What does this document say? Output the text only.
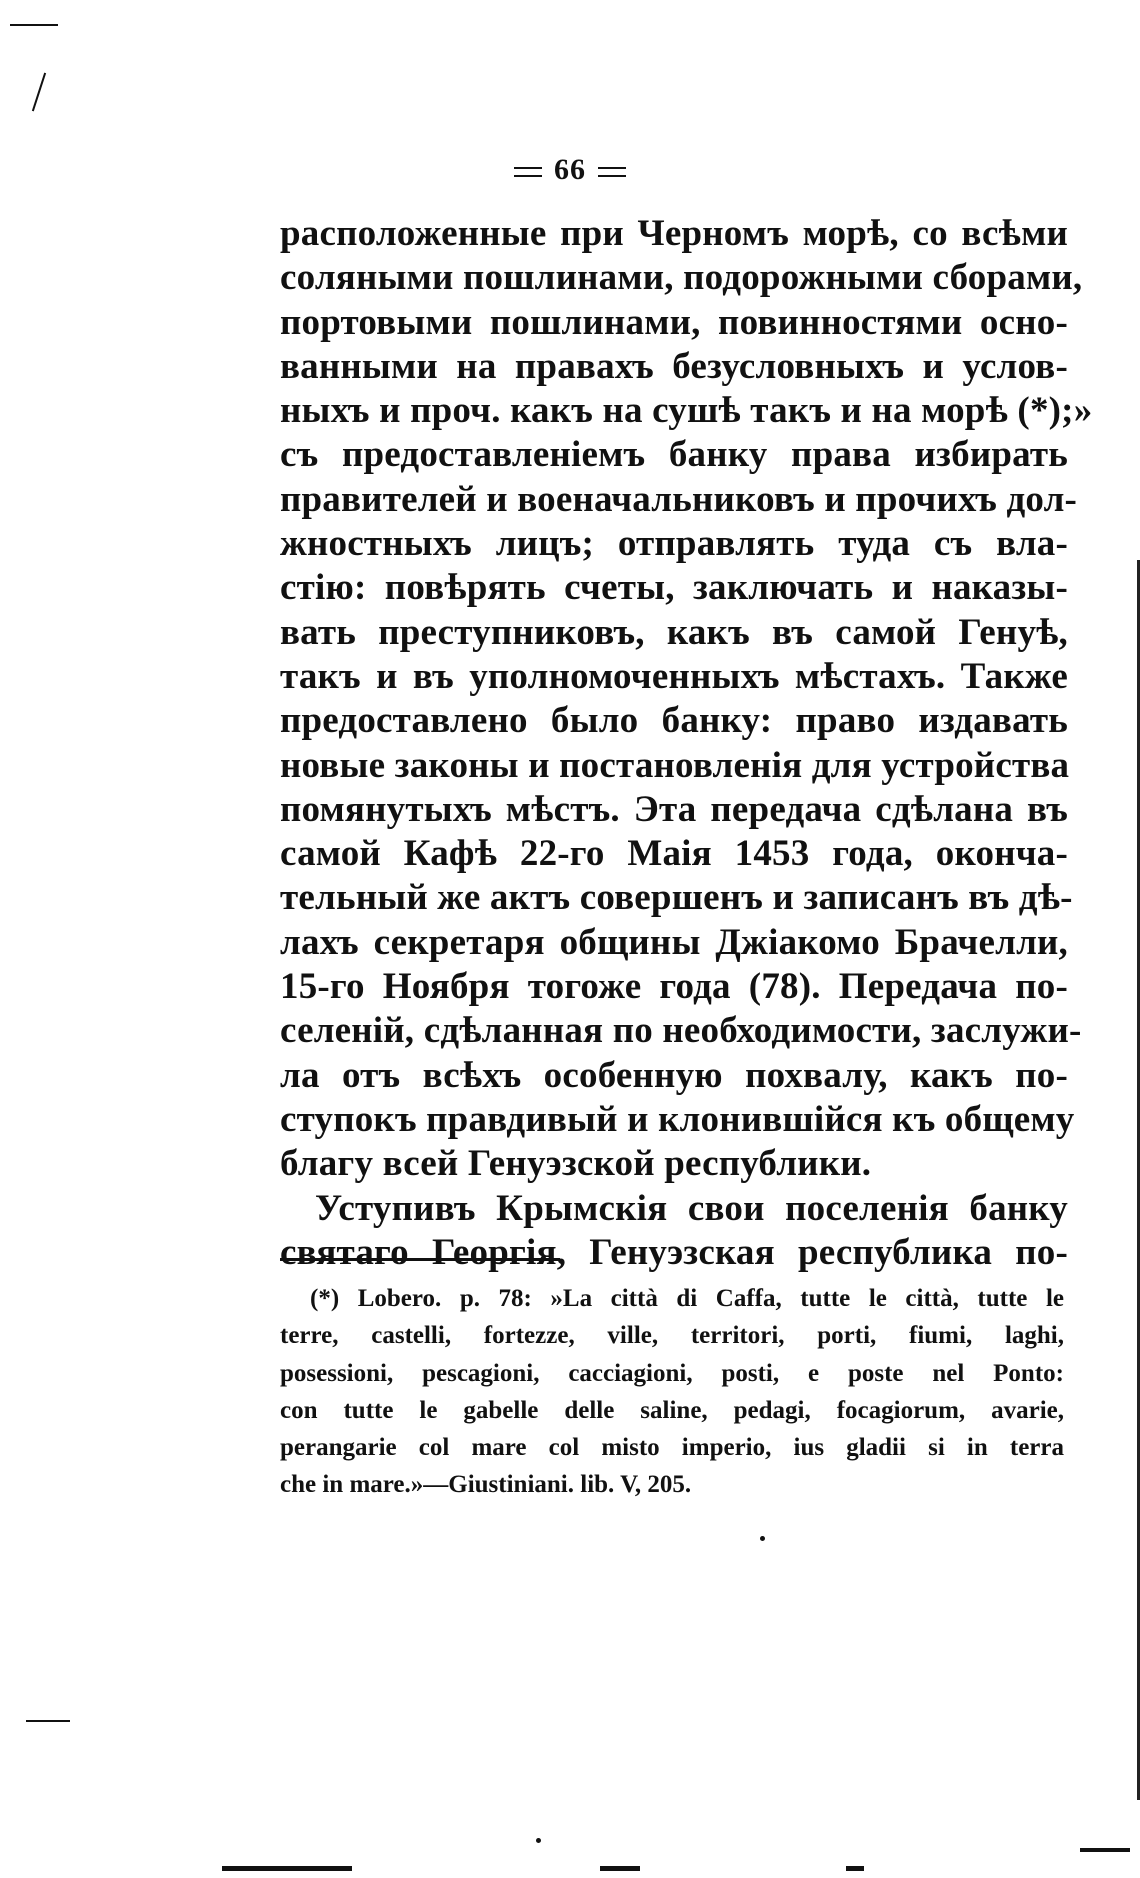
66
расположенные при Черномъ морѣ, со всѣми
соляными пошлинами, подорожными сборами,
портовыми пошлинами, повинностями осно-
ванными на правахъ безусловныхъ и услов-
ныхъ и проч. какъ на сушѣ такъ и на морѣ (*);»
съ предоставленіемъ банку права избирать
правителей и военачальниковъ и прочихъ дол-
жностныхъ лицъ; отправлять туда съ вла-
стію: повѣрять счеты, заключать и наказы-
вать преступниковъ, какъ въ самой Генуѣ,
такъ и въ уполномоченныхъ мѣстахъ. Также
предоставлено было банку: право издавать
новые законы и постановленія для устройства
помянутыхъ мѣстъ. Эта передача сдѣлана въ
самой Кафѣ 22-го Маія 1453 года, оконча-
тельный же актъ совершенъ и записанъ въ дѣ-
лахъ секретаря общины Джіакомо Брачелли,
15-го Ноября тогоже года (78). Передача по-
селеній, сдѣланная по необходимости, заслужи-
ла отъ всѣхъ особенную похвалу, какъ по-
ступокъ правдивый и клонившійся къ общему
благу всей Генуэзской республики.
Уступивъ Крымскія свои поселенія банку
святаго Георгія, Генуэзская республика по-
(*) Lobero. p. 78: »La città di Caffa, tutte le città, tutte le
terre, castelli, fortezze, ville, territori, porti, fiumi, laghi,
posessioni, pescagioni, cacciagioni, posti, e poste nel Ponto:
con tutte le gabelle delle saline, pedagi, focagiorum, avarie,
perangarie col mare col misto imperio, ius gladii si in terra
che in mare.»—Giustiniani. lib. V, 205.
